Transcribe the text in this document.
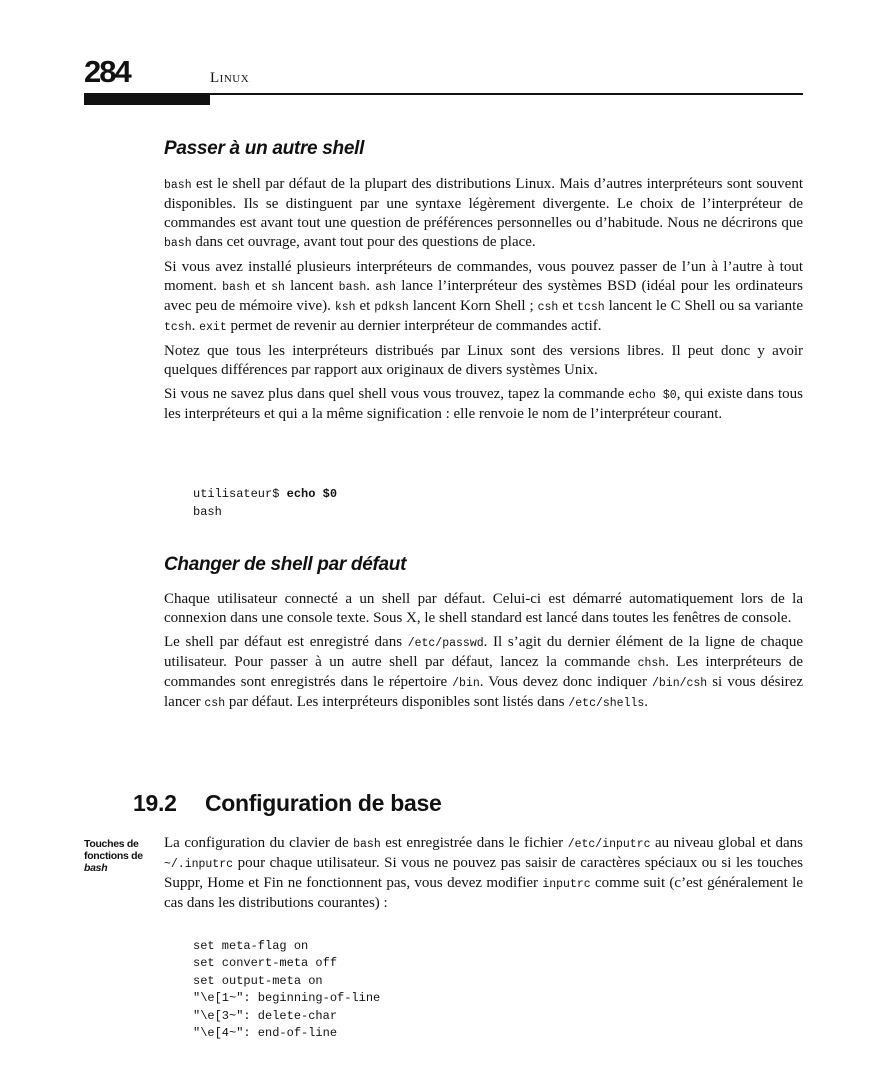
284	Linux
Passer à un autre shell

bash est le shell par défaut de la plupart des distributions Linux. Mais d’autres interpréteurs sont souvent disponibles. Ils se distinguent par une syntaxe légèrement divergente. Le choix de l’interpréteur de commandes est avant tout une question de préférences personnelles ou d’habitude. Nous ne décrirons que bash dans cet ouvrage, avant tout pour des questions de place.

Si vous avez installé plusieurs interpréteurs de commandes, vous pouvez passer de l’un à l’autre à tout moment. bash et sh lancent bash. ash lance l’interpréteur des systèmes BSD (idéal pour les ordinateurs avec peu de mémoire vive). ksh et pdksh lancent Korn Shell ; csh et tcsh lancent le C Shell ou sa variante tcsh. exit permet de revenir au dernier interpréteur de commandes actif.

Notez que tous les interpréteurs distribués par Linux sont des versions libres. Il peut donc y avoir quelques différences par rapport aux originaux de divers systèmes Unix.

Si vous ne savez plus dans quel shell vous vous trouvez, tapez la commande echo $0, qui existe dans tous les interpréteurs et qui a la même signification : elle renvoie le nom de l’interpréteur courant.

utilisateur$ echo $0
bash
Changer de shell par défaut

Chaque utilisateur connecté a un shell par défaut. Celui-ci est démarré automatiquement lors de la connexion dans une console texte. Sous X, le shell standard est lancé dans toutes les fenêtres de console.

Le shell par défaut est enregistré dans /etc/passwd. Il s’agit du dernier élément de la ligne de chaque utilisateur. Pour passer à un autre shell par défaut, lancez la commande chsh. Les interpréteurs de commandes sont enregistrés dans le répertoire /bin. Vous devez donc indiquer /bin/csh si vous désirez lancer csh par défaut. Les interpréteurs disponibles sont listés dans /etc/shells.

19.2 Configuration de base
Touches de
fonctions de
bash

La configuration du clavier de bash est enregistrée dans le fichier /etc/inputrc au niveau global et dans ~/.inputrc pour chaque utilisateur. Si vous ne pouvez pas saisir de caractères spéciaux ou si les touches Suppr, Home et Fin ne fonctionnent pas, vous devez modifier inputrc comme suit (c’est généralement le cas dans les distributions courantes) :

set meta-flag on
set convert-meta off
set output-meta on
"\e[1~": beginning-of-line
"\e[3~": delete-char
"\e[4~": end-of-line
